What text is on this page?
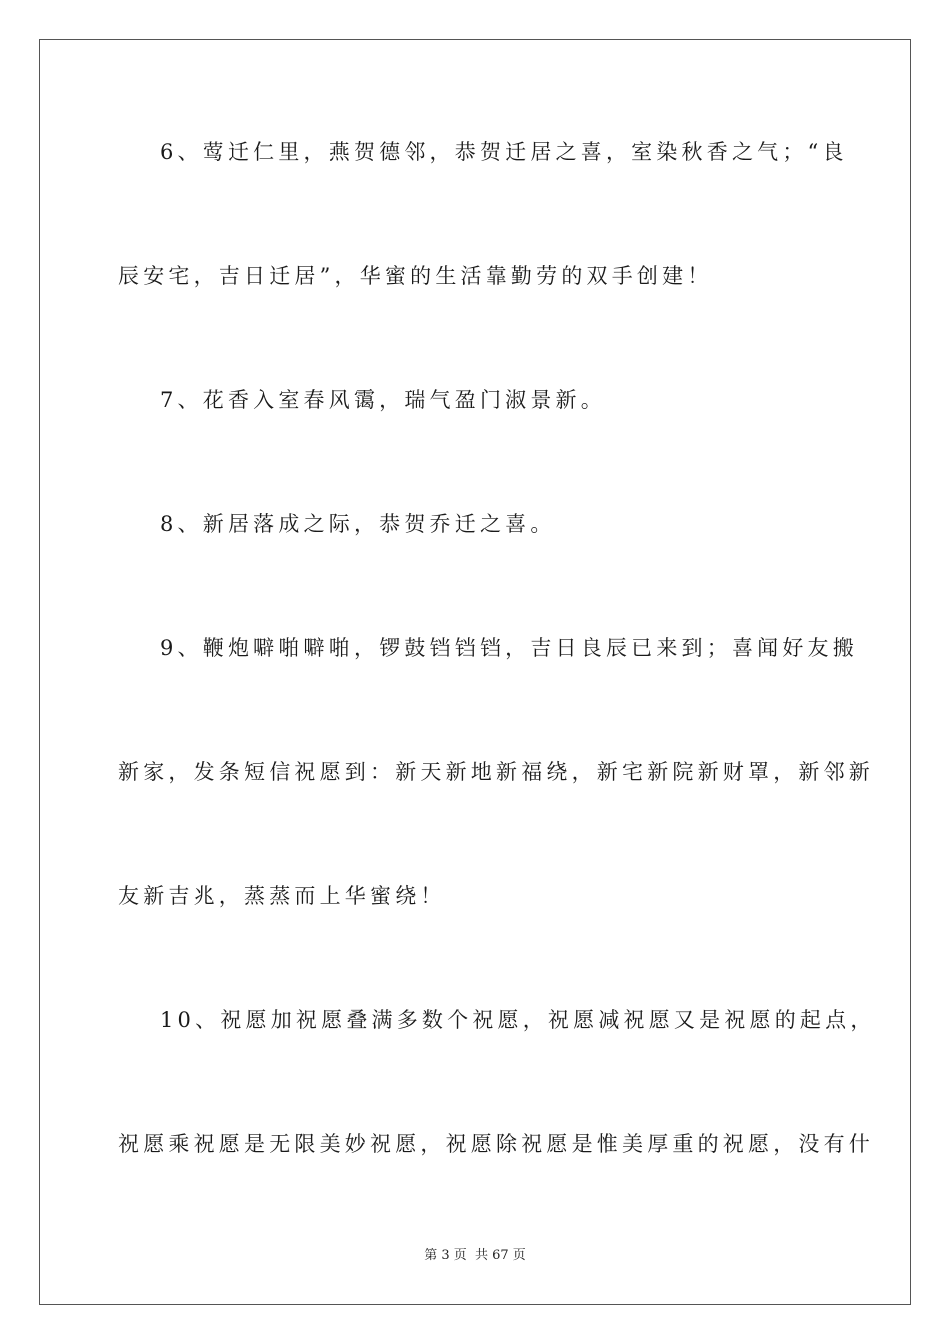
6、莺迁仁里，燕贺德邻，恭贺迁居之喜，室染秋香之气；“良

辰安宅，吉日迁居”，华蜜的生活靠勤劳的双手创建！

7、花香入室春风霭，瑞气盈门淑景新。

8、新居落成之际，恭贺乔迁之喜。

9、鞭炮噼啪噼啪，锣鼓铛铛铛，吉日良辰已来到；喜闻好友搬

新家，发条短信祝愿到：新天新地新福绕，新宅新院新财罩，新邻新

友新吉兆，蒸蒸而上华蜜绕！

10、祝愿加祝愿叠满多数个祝愿，祝愿减祝愿又是祝愿的起点，

祝愿乘祝愿是无限美妙祝愿，祝愿除祝愿是惟美厚重的祝愿，没有什

第 3 页 共 67 页
